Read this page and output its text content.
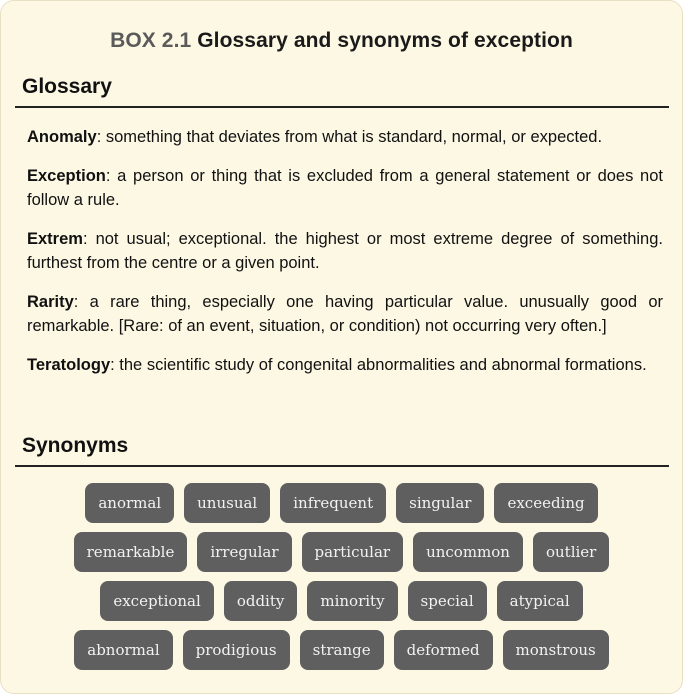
BOX 2.1 Glossary and synonyms of exception
Glossary

Anomaly: something that deviates from what is standard, normal, or expected.

Exception: a person or thing that is excluded from a general statement or does not follow a rule.

Extrem: not usual; exceptional. the highest or most extreme degree of something. furthest from the centre or a given point.

Rarity: a rare thing, especially one having particular value. unusually good or remarkable. [Rare: of an event, situation, or condition) not occurring very often.]

Teratology: the scientific study of congenital abnormalities and abnormal formations.

Synonyms
anormal	unusual	infrequent	singular	exceeding
remarkable	irregular	particular	uncommon	outlier
exceptional	oddity	minority	special	atypical
abnormal	prodigious	strange	deformed	monstrous
